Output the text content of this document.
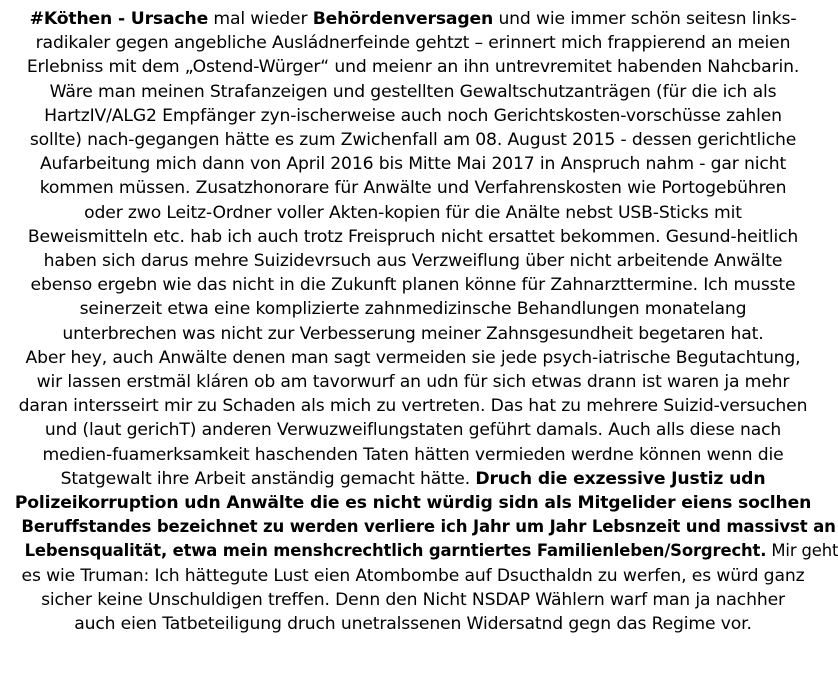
#Köthen - Ursache mal wieder Behördenversagen und wie immer schön seitesn links-
radikaler gegen angebliche Ausládnerfeinde gehtzt – erinnert mich frappierend an meien
Erlebniss mit dem „Ostend-Würger“ und meienr an ihn untrevremitet habenden Nahcbarin.
Wäre man meinen Strafanzeigen und gestellten Gewaltschutzanträgen (für die ich als
HartzIV/ALG2 Empfänger zyn-ischerweise auch noch Gerichtskosten-vorschüsse zahlen
sollte) nach-gegangen hätte es zum Zwichenfall am 08. August 2015 - dessen gerichtliche
Aufarbeitung mich dann von April 2016 bis Mitte Mai 2017 in Anspruch nahm - gar nicht
kommen müssen. Zusatzhonorare für Anwälte und Verfahrenskosten wie Portogebühren
oder zwo Leitz-Ordner voller Akten-kopien für die Anälte nebst USB-Sticks mit
Beweismitteln etc. hab ich auch trotz Freispruch nicht ersattet bekommen. Gesund-heitlich
haben sich darus mehre Suizidevrsuch aus Verzweiflung über nicht arbeitende Anwälte
ebenso ergebn wie das nicht in die Zukunft planen könne für Zahnarzttermine. Ich musste
seinerzeit etwa eine komplizierte zahnmedizinsche Behandlungen monatelang
unterbrechen was nicht zur Verbesserung meiner Zahnsgesundheit begetaren hat.
Aber hey, auch Anwälte denen man sagt vermeiden sie jede psych-iatrische Begutachtung,
wir lassen erstmäl kláren ob am tavorwurf an udn für sich etwas drann ist waren ja mehr
daran intersseirt mir zu Schaden als mich zu vertreten. Das hat zu mehrere Suizid-versuchen
und (laut gerichT) anderen Verwuzweiflungstaten geführt damals. Auch alls diese nach
medien-fuamerksamkeit haschenden Taten hätten vermieden werdne können wenn die
Statgewalt ihre Arbeit anständig gemacht hätte. Druch die exzessive Justiz udn
Polizeikorruption udn Anwälte die es nicht würdig sidn als Mitgelider eiens soclhen
Beruffstandes bezeichnet zu werden verliere ich Jahr um Jahr Lebsnzeit und massivst an
Lebensqualität, etwa mein menshcrechtlich garntiertes Familienleben/Sorgrecht. Mir geht
es wie Truman: Ich hättegute Lust eien Atombombe auf Dsucthaldn zu werfen, es würd ganz
sicher keine Unschuldigen treffen. Denn den Nicht NSDAP Wählern warf man ja nachher
auch eien Tatbeteiligung druch unetralssenen Widersatnd gegn das Regime vor.
